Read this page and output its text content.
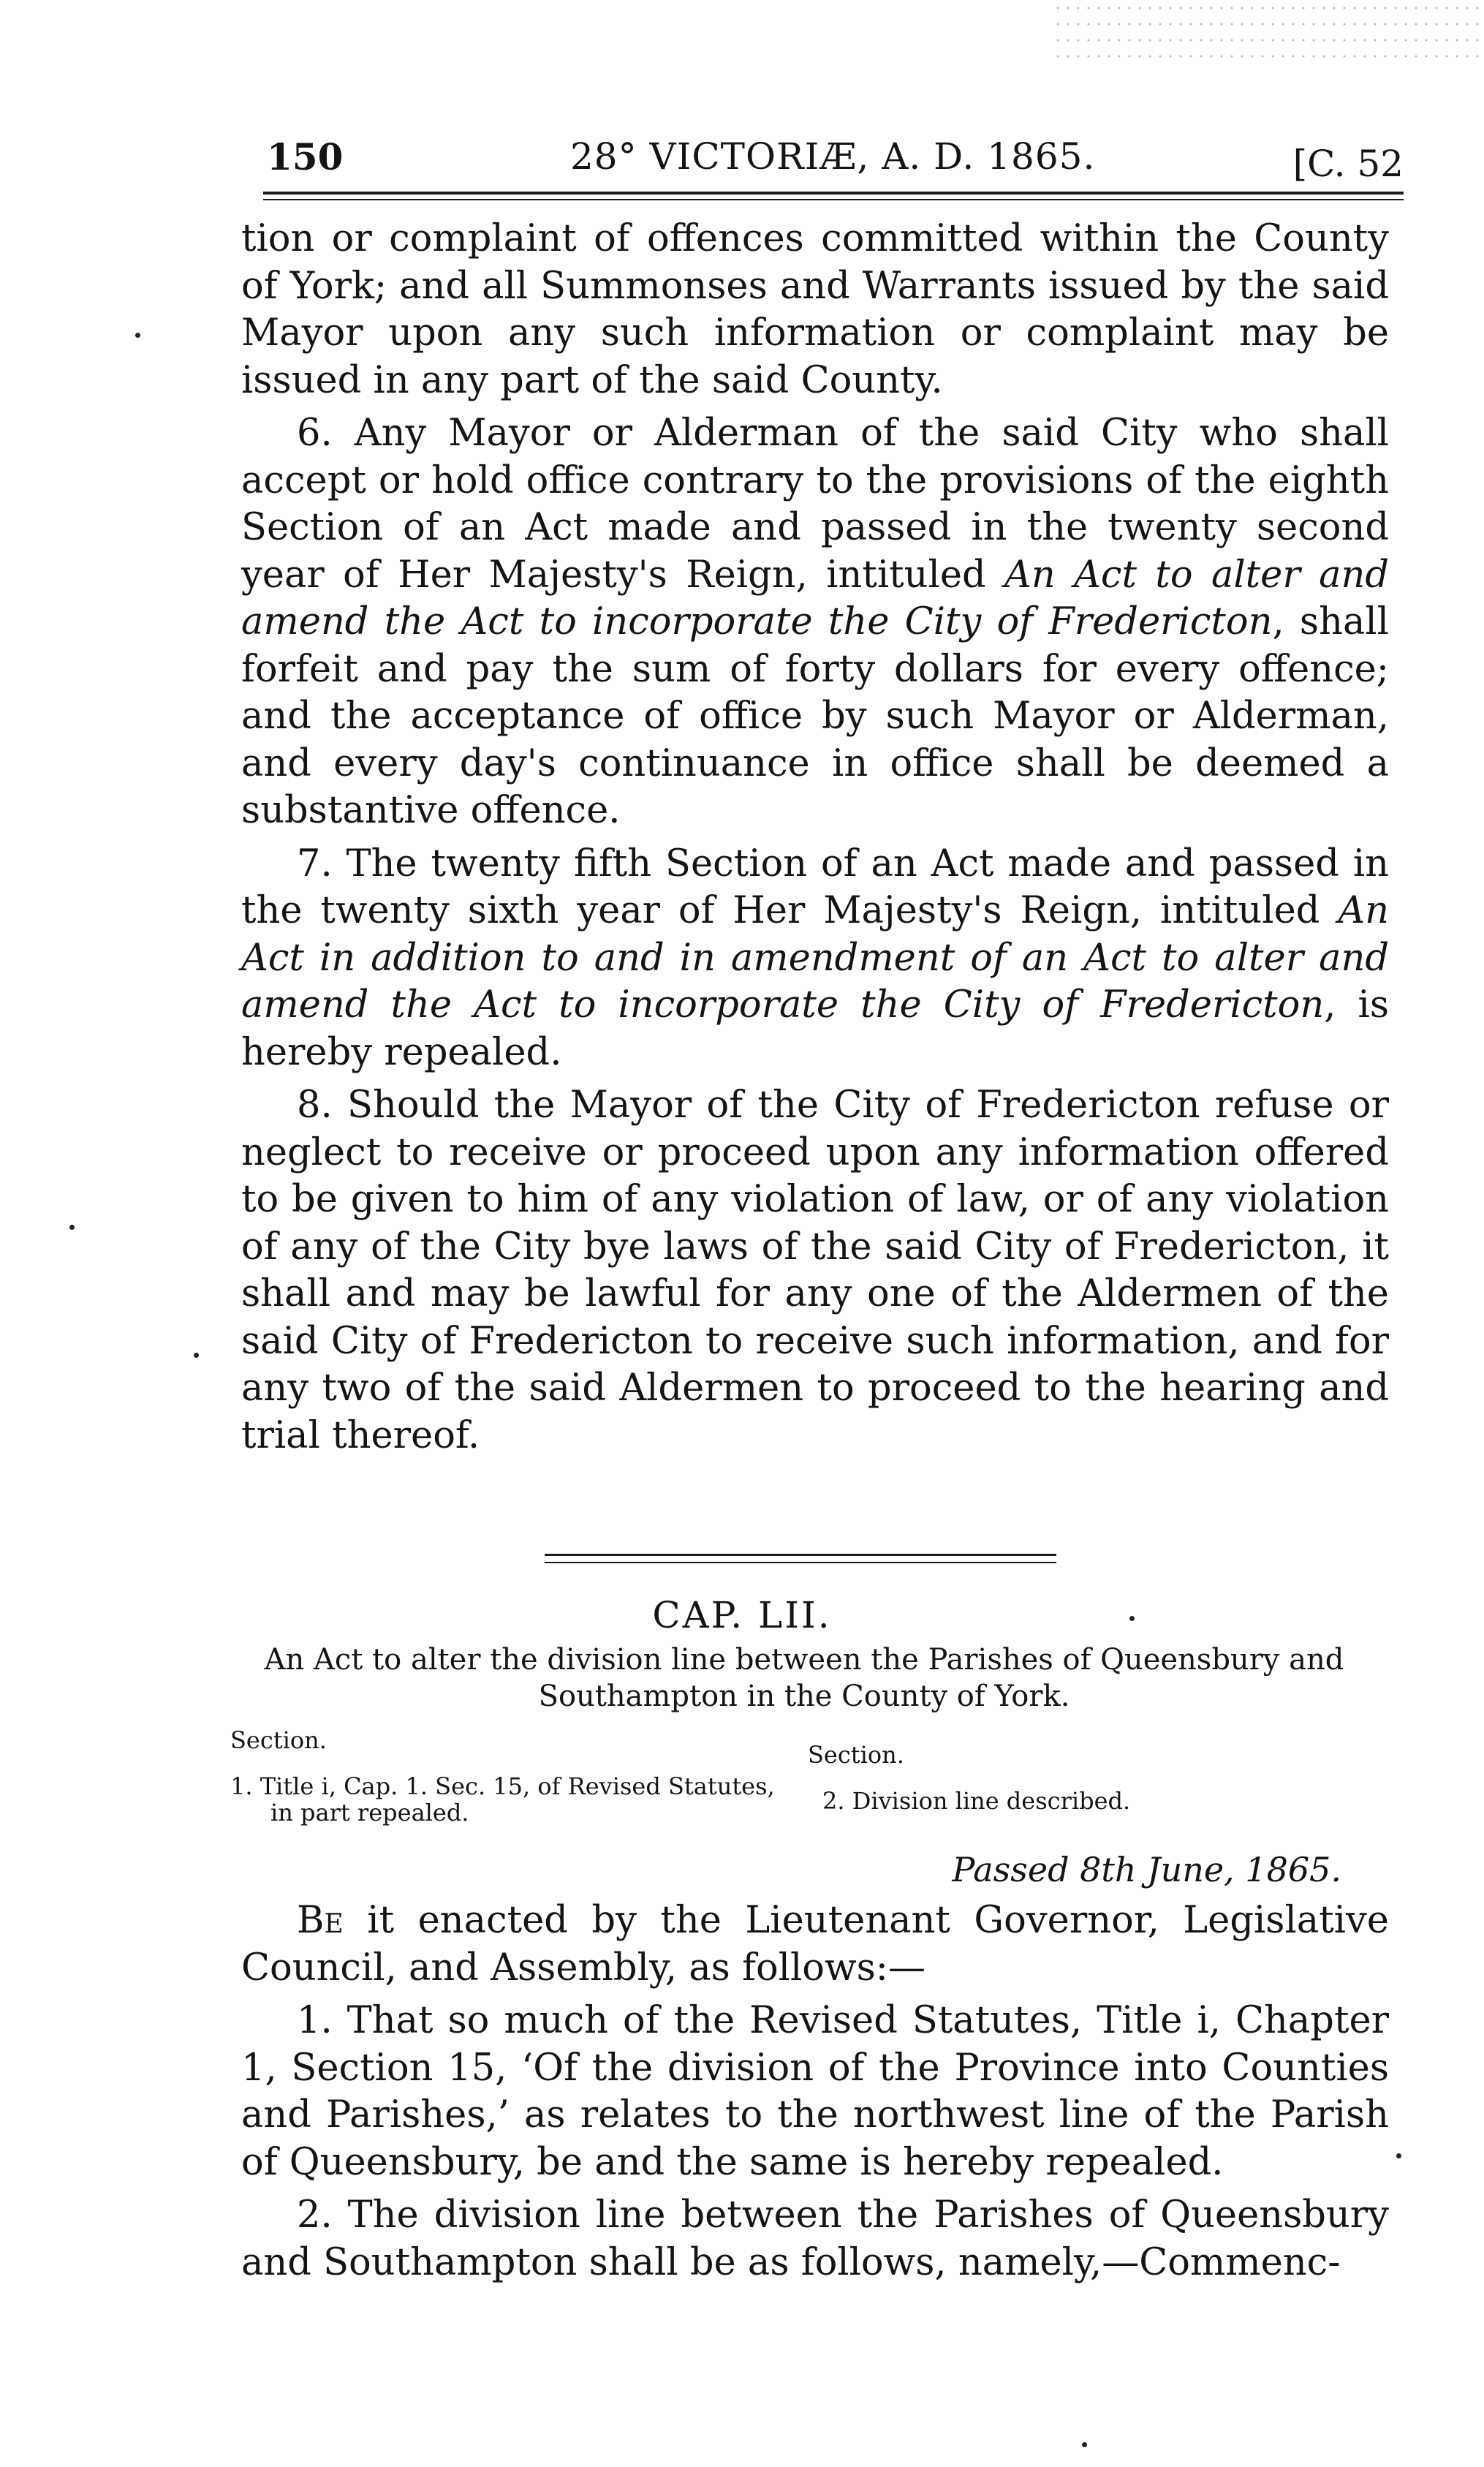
150	28° VICTORIÆ, A. D. 1865.	[C. 52

tion or complaint of offences committed within the County of York; and all Summonses and Warrants issued by the said Mayor upon any such information or complaint may be issued in any part of the said County.

6. Any Mayor or Alderman of the said City who shall accept or hold office contrary to the provisions of the eighth Section of an Act made and passed in the twenty second year of Her Majesty's Reign, intituled An Act to alter and amend the Act to incorporate the City of Fredericton, shall forfeit and pay the sum of forty dollars for every offence; and the acceptance of office by such Mayor or Alderman, and every day's continuance in office shall be deemed a substantive offence.

7. The twenty fifth Section of an Act made and passed in the twenty sixth year of Her Majesty's Reign, intituled An Act in addition to and in amendment of an Act to alter and amend the Act to incorporate the City of Fredericton, is hereby repealed.

8. Should the Mayor of the City of Fredericton refuse or neglect to receive or proceed upon any information offered to be given to him of any violation of law, or of any violation of any of the City bye laws of the said City of Fredericton, it shall and may be lawful for any one of the Aldermen of the said City of Fredericton to receive such information, and for any two of the said Aldermen to proceed to the hearing and trial thereof.

CAP. LII.
An Act to alter the division line between the Parishes of Queensbury and Southampton in the County of York.
Section.
Section.
1. Title i, Cap. 1. Sec. 15, of Revised Statutes, in part repealed.	2. Division line described.
Passed 8th June, 1865.

Be it enacted by the Lieutenant Governor, Legislative Council, and Assembly, as follows:—

1. That so much of the Revised Statutes, Title i, Chapter 1, Section 15, ‘Of the division of the Province into Counties and Parishes,’ as relates to the northwest line of the Parish of Queensbury, be and the same is hereby repealed.

2. The division line between the Parishes of Queensbury and Southampton shall be as follows, namely,—Commenc-
